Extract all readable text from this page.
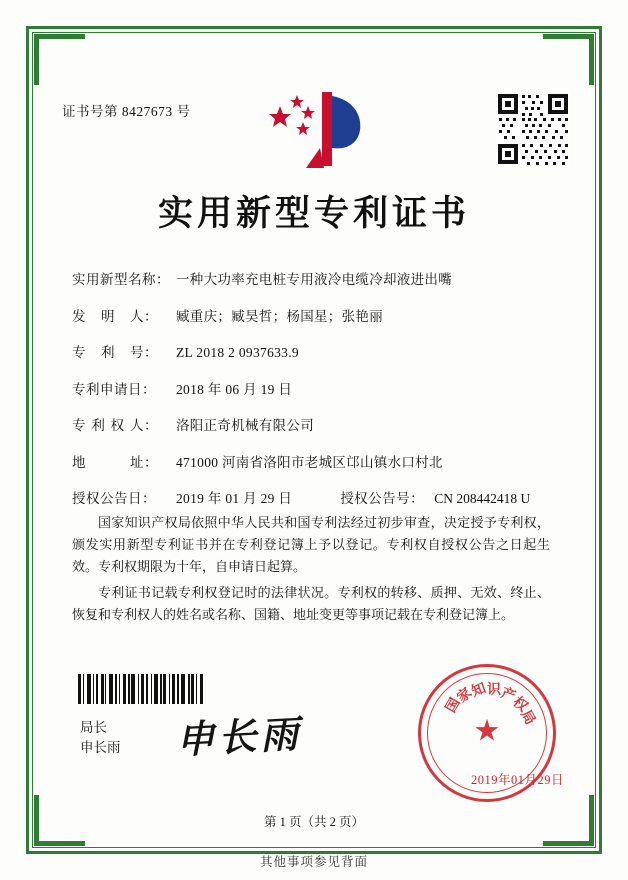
证书号第 8427673 号
实用新型专利证书
实用新型名称： 一种大功率充电桩专用液冷电缆冷却液进出嘴
发 明 人： 臧重庆；臧昊哲；杨国星；张艳丽
专 利 号： ZL 2018 2 0937633.9
专利申请日：	2018 年 06 月 19 日
专 利 权 人： 洛阳正奇机械有限公司
地	址： 471000 河南省洛阳市老城区邙山镇水口村北
授权公告日：	2019 年 01 月 29 日	授权公告号： CN 208442418 U

国家知识产权局依照中华人民共和国专利法经过初步审查，决定授予专利权，颁发实用新型专利证书并在专利登记簿上予以登记。专利权自授权公告之日起生效。专利权期限为十年，自申请日起算。

专利证书记载专利权登记时的法律状况。专利权的转移、质押、无效、终止、恢复和专利权人的姓名或名称、国籍、地址变更等事项记载在专利登记簿上。

局长
申长雨 申长雨	★
国
家
知
识
产
权
局
2019年01月29日
第 1 页（共 2 页）
其他事项参见背面
